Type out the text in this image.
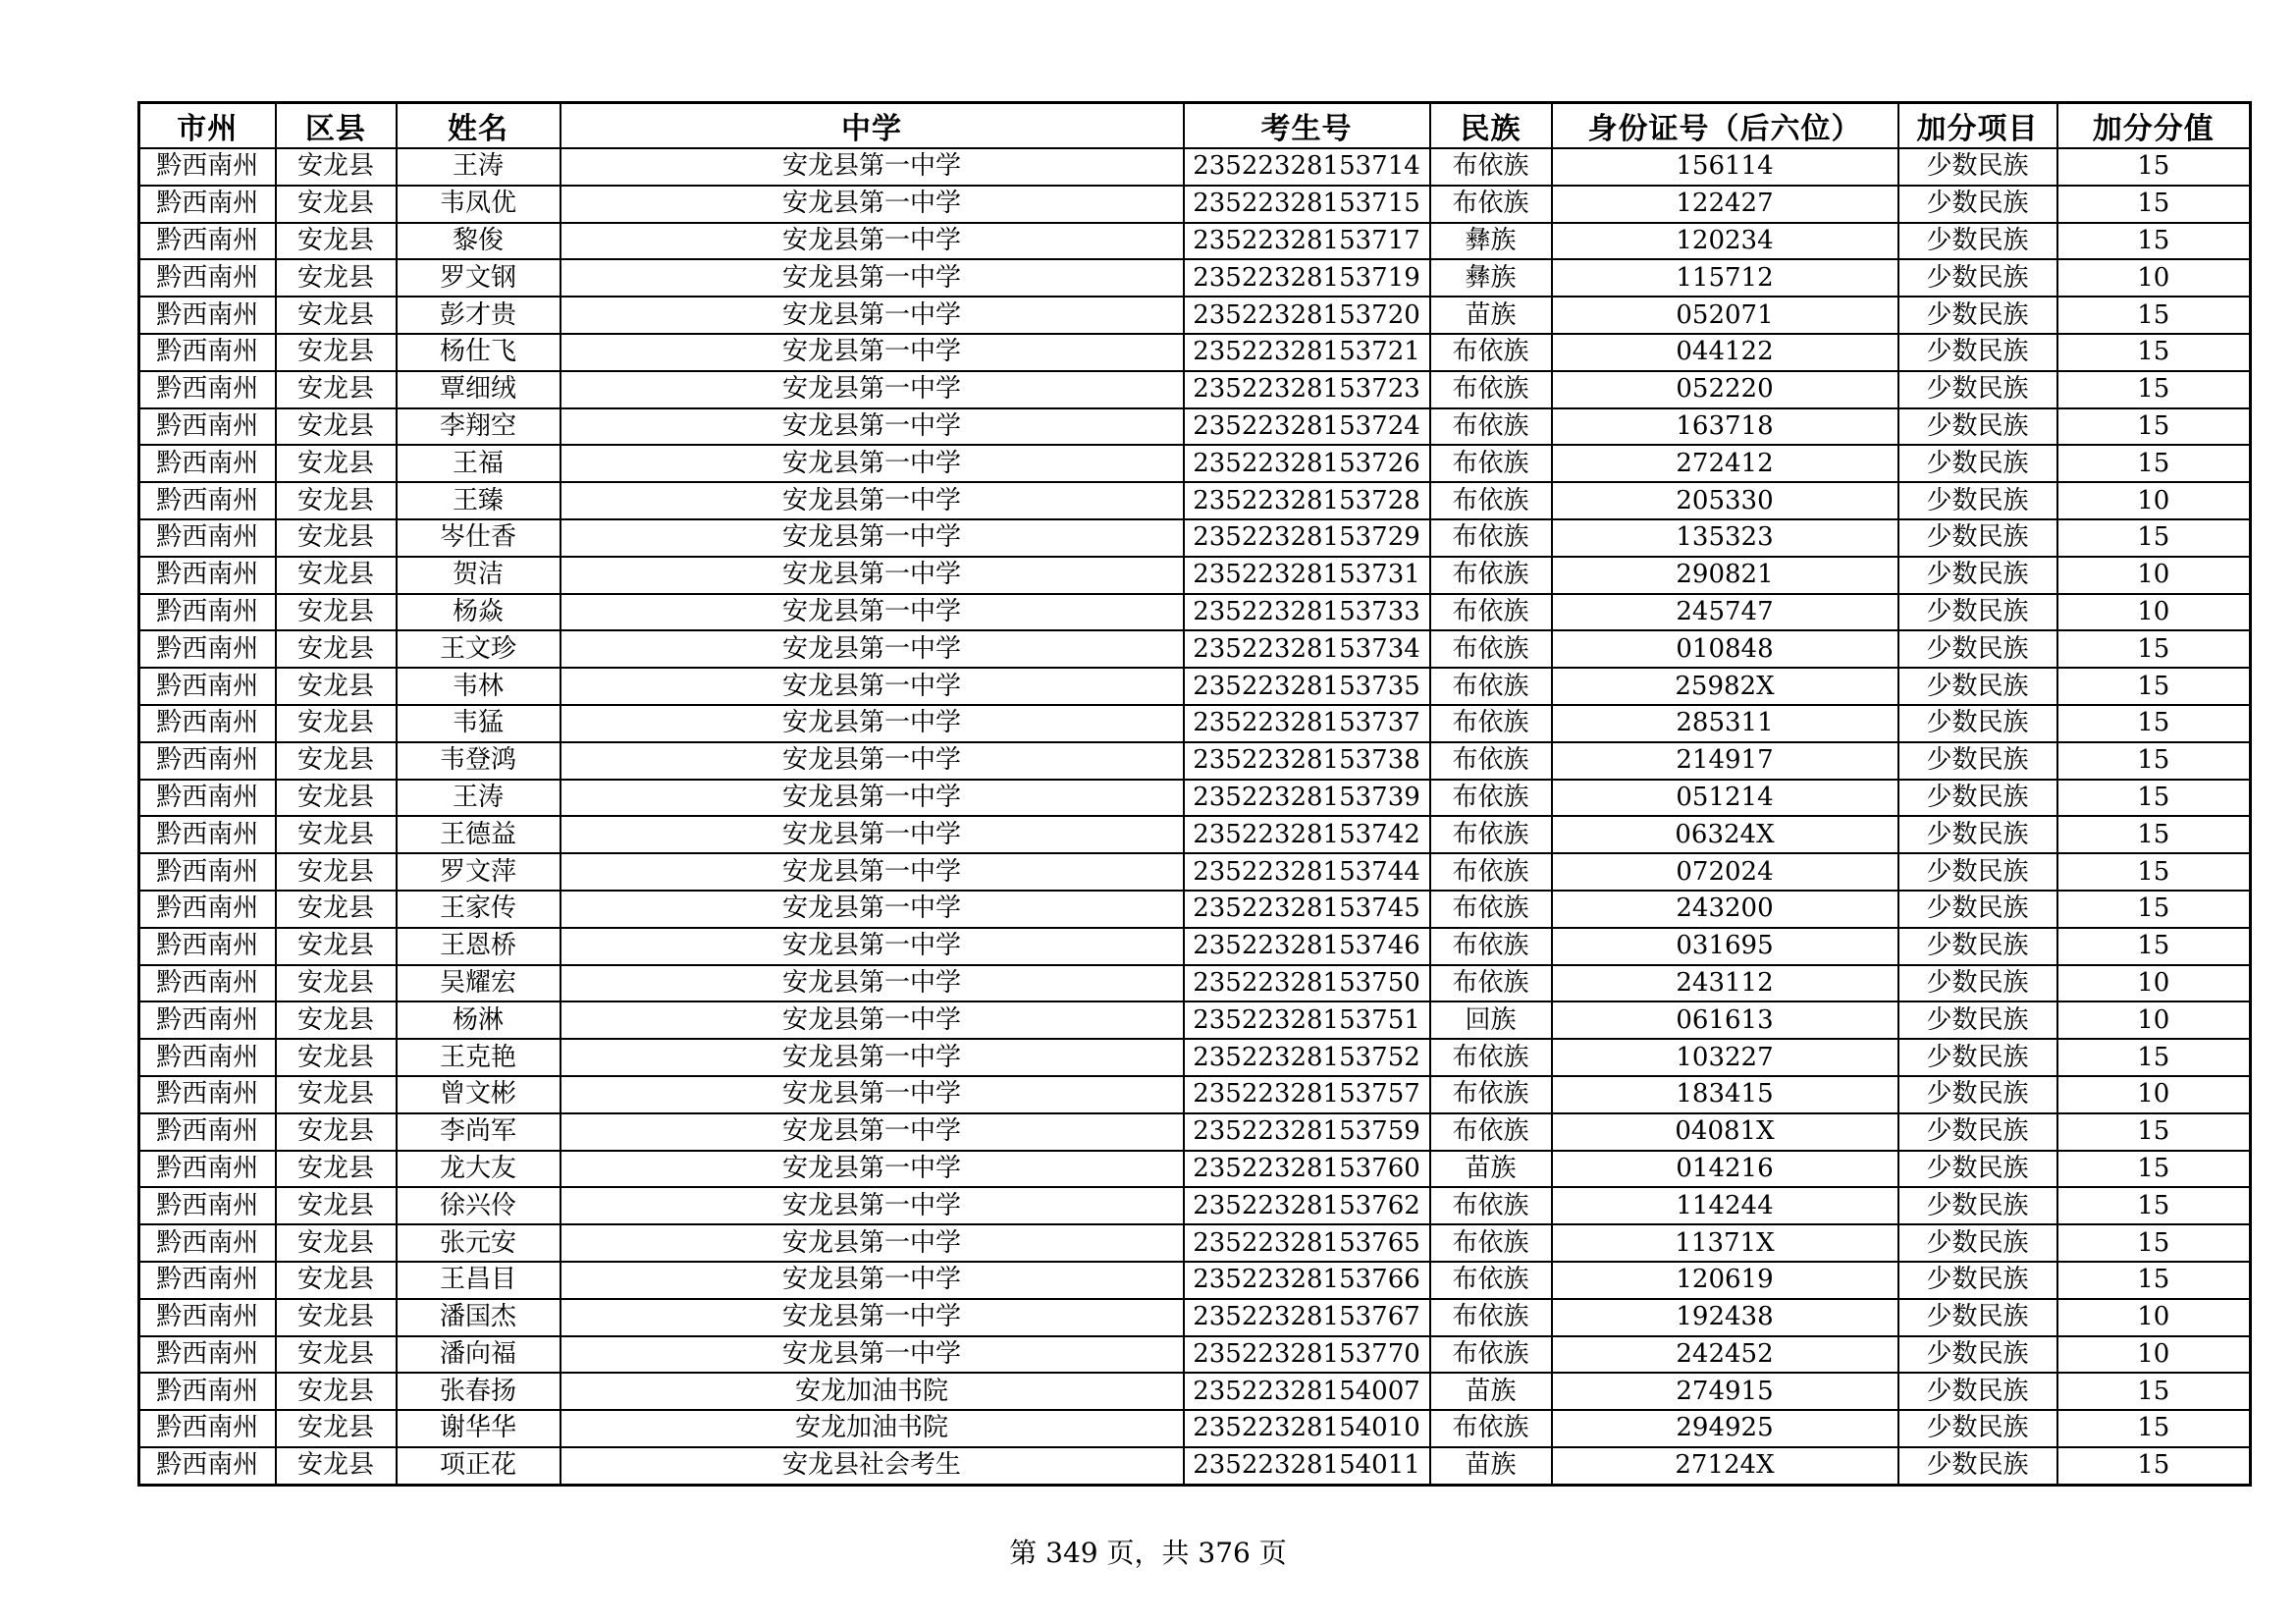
市州	区县	姓名	中学	考生号	民族	身份证号（后六位）	加分项目	加分分值
黔西南州	安龙县	王涛	安龙县第一中学	23522328153714	布依族	156114	少数民族	15
黔西南州	安龙县	韦凤优	安龙县第一中学	23522328153715	布依族	122427	少数民族	15
黔西南州	安龙县	黎俊	安龙县第一中学	23522328153717	彝族	120234	少数民族	15
黔西南州	安龙县	罗文钢	安龙县第一中学	23522328153719	彝族	115712	少数民族	10
黔西南州	安龙县	彭才贵	安龙县第一中学	23522328153720	苗族	052071	少数民族	15
黔西南州	安龙县	杨仕飞	安龙县第一中学	23522328153721	布依族	044122	少数民族	15
黔西南州	安龙县	覃细绒	安龙县第一中学	23522328153723	布依族	052220	少数民族	15
黔西南州	安龙县	李翔空	安龙县第一中学	23522328153724	布依族	163718	少数民族	15
黔西南州	安龙县	王福	安龙县第一中学	23522328153726	布依族	272412	少数民族	15
黔西南州	安龙县	王臻	安龙县第一中学	23522328153728	布依族	205330	少数民族	10
黔西南州	安龙县	岑仕香	安龙县第一中学	23522328153729	布依族	135323	少数民族	15
黔西南州	安龙县	贺洁	安龙县第一中学	23522328153731	布依族	290821	少数民族	10
黔西南州	安龙县	杨焱	安龙县第一中学	23522328153733	布依族	245747	少数民族	10
黔西南州	安龙县	王文珍	安龙县第一中学	23522328153734	布依族	010848	少数民族	15
黔西南州	安龙县	韦林	安龙县第一中学	23522328153735	布依族	25982X	少数民族	15
黔西南州	安龙县	韦猛	安龙县第一中学	23522328153737	布依族	285311	少数民族	15
黔西南州	安龙县	韦登鸿	安龙县第一中学	23522328153738	布依族	214917	少数民族	15
黔西南州	安龙县	王涛	安龙县第一中学	23522328153739	布依族	051214	少数民族	15
黔西南州	安龙县	王德益	安龙县第一中学	23522328153742	布依族	06324X	少数民族	15
黔西南州	安龙县	罗文萍	安龙县第一中学	23522328153744	布依族	072024	少数民族	15
黔西南州	安龙县	王家传	安龙县第一中学	23522328153745	布依族	243200	少数民族	15
黔西南州	安龙县	王恩桥	安龙县第一中学	23522328153746	布依族	031695	少数民族	15
黔西南州	安龙县	吴耀宏	安龙县第一中学	23522328153750	布依族	243112	少数民族	10
黔西南州	安龙县	杨淋	安龙县第一中学	23522328153751	回族	061613	少数民族	10
黔西南州	安龙县	王克艳	安龙县第一中学	23522328153752	布依族	103227	少数民族	15
黔西南州	安龙县	曾文彬	安龙县第一中学	23522328153757	布依族	183415	少数民族	10
黔西南州	安龙县	李尚军	安龙县第一中学	23522328153759	布依族	04081X	少数民族	15
黔西南州	安龙县	龙大友	安龙县第一中学	23522328153760	苗族	014216	少数民族	15
黔西南州	安龙县	徐兴伶	安龙县第一中学	23522328153762	布依族	114244	少数民族	15
黔西南州	安龙县	张元安	安龙县第一中学	23522328153765	布依族	11371X	少数民族	15
黔西南州	安龙县	王昌目	安龙县第一中学	23522328153766	布依族	120619	少数民族	15
黔西南州	安龙县	潘国杰	安龙县第一中学	23522328153767	布依族	192438	少数民族	10
黔西南州	安龙县	潘向福	安龙县第一中学	23522328153770	布依族	242452	少数民族	10
黔西南州	安龙县	张春扬	安龙加油书院	23522328154007	苗族	274915	少数民族	15
黔西南州	安龙县	谢华华	安龙加油书院	23522328154010	布依族	294925	少数民族	15
黔西南州	安龙县	项正花	安龙县社会考生	23522328154011	苗族	27124X	少数民族	15
第 349 页，共 376 页
